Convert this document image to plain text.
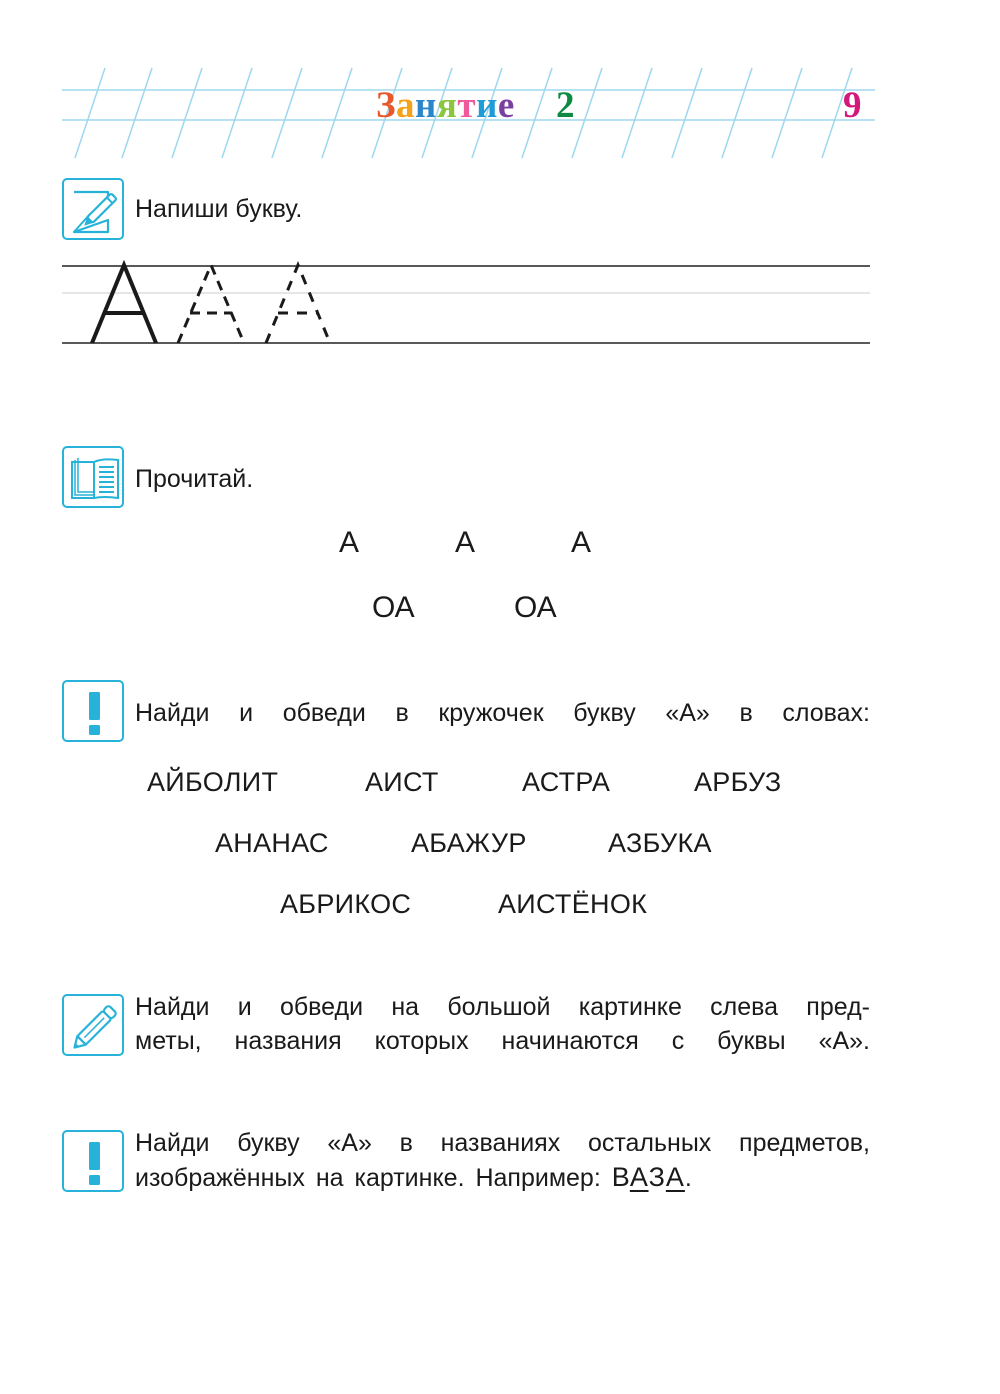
З а н я т и е 2	9
Напиши букву.
Прочитай.
А	А	А
ОА	ОА
Найди и обведи в кружочек букву «А» в словах:
АЙБОЛИТ	АИСТ	АСТРА	АРБУЗ
АНАНАС	АБАЖУР	АЗБУКА
АБРИКОС	АИСТЁНОК
Найди и обведи на большой картинке слева пред-
меты, названия которых начинаются с буквы «А».
Найди букву «А» в названиях остальных предметов,
изображённых на картинке. Например: ВАЗА.
